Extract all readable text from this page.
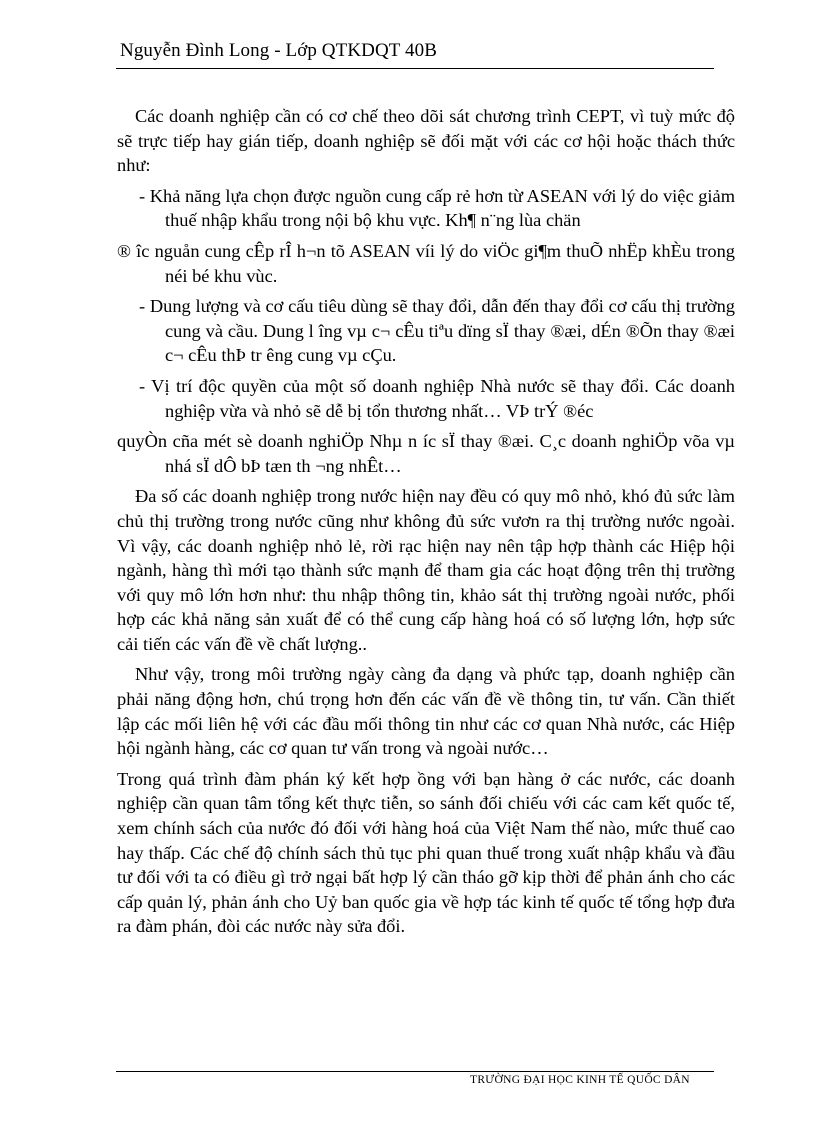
Nguyễn Đình Long - Lớp QTKDQT 40B

Các doanh nghiệp cần có cơ chế theo dõi sát chương trình CEPT, vì tuỳ mức độ sẽ trực tiếp hay gián tiếp, doanh nghiệp sẽ đối mặt với các cơ hội hoặc thách thức như:

- Khả năng lựa chọn được nguồn cung cấp rẻ hơn từ ASEAN với lý do việc giảm thuế nhập khẩu trong nội bộ khu vực. Kh¶ n¨ng lùa chän

® îc nguån cung cÊp rÎ h¬n tõ ASEAN víi lý do viÖc gi¶m thuÕ nhËp khÈu trong néi bé khu vùc.

- Dung lượng và cơ cấu tiêu dùng sẽ thay đổi, dẫn đến thay đổi cơ cấu thị trường cung và cầu. Dung l îng vµ c¬ cÊu tiªu dïng sÏ thay ®æi, dÉn ®Õn thay ®æi c¬ cÊu thÞ tr êng cung vµ cÇu.

- Vị trí độc quyền của một số doanh nghiệp Nhà nước sẽ thay đổi. Các doanh nghiệp vừa và nhỏ sẽ dễ bị tổn thương nhất… VÞ trÝ ®éc

quyÒn cña mét sè doanh nghiÖp Nhµ n íc sÏ thay ®æi. C¸c doanh nghiÖp võa vµ nhá sÏ dÔ bÞ tæn th ¬ng nhÊt…

Đa số các doanh nghiệp trong nước hiện nay đều có quy mô nhỏ, khó đủ sức làm chủ thị trường trong nước cũng như không đủ sức vươn ra thị trường nước ngoài. Vì vậy, các doanh nghiệp nhỏ lẻ, rời rạc hiện nay nên tập hợp thành các Hiệp hội ngành, hàng thì mới tạo thành sức mạnh để tham gia các hoạt động trên thị trường với quy mô lớn hơn như: thu nhập thông tin, khảo sát thị trường ngoài nước, phối hợp các khả năng sản xuất để có thể cung cấp hàng hoá có số lượng lớn, hợp sức cải tiến các vấn đề về chất lượng..

Như vậy, trong môi trường ngày càng đa dạng và phức tạp, doanh nghiệp cần phải năng động hơn, chú trọng hơn đến các vấn đề về thông tin, tư vấn. Cần thiết lập các mối liên hệ với các đầu mối thông tin như các cơ quan Nhà nước, các Hiệp hội ngành hàng, các cơ quan tư vấn trong và ngoài nước…

Trong quá trình đàm phán ký kết hợp ồng với bạn hàng ở các nước, các doanh nghiệp cần quan tâm tổng kết thực tiễn, so sánh đối chiếu với các cam kết quốc tế, xem chính sách của nước đó đối với hàng hoá của Việt Nam thế nào, mức thuế cao hay thấp. Các chế độ chính sách thủ tục phi quan thuế trong xuất nhập khẩu và đầu tư đối với ta có điều gì trở ngại bất hợp lý cần tháo gỡ kịp thời để phản ánh cho các cấp quản lý, phản ánh cho Uỷ ban quốc gia về hợp tác kinh tế quốc tế tổng hợp đưa ra đàm phán, đòi các nước này sửa đổi.

TRƯỜNG ĐẠI HỌC KINH TẾ QUỐC DÂN
